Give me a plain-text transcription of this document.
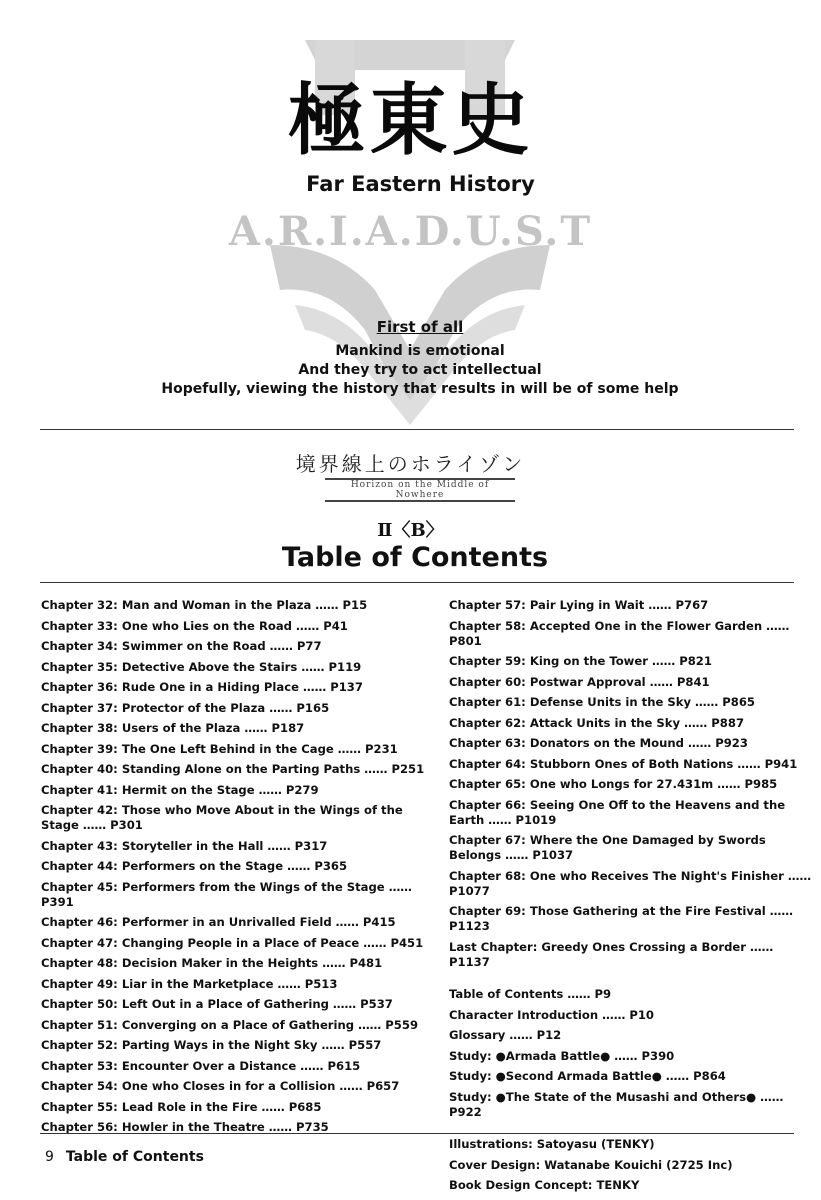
極東史
Far Eastern History
A.R.I.A.D.U.S.T
First of all
Mankind is emotional
And they try to act intellectual
Hopefully, viewing the history that results in will be of some help
境界線上のホライゾン
Horizon on the Middle of Nowhere
Ⅱ〈B〉
Table of Contents
Chapter 32: Man and Woman in the Plaza …… P15
Chapter 33: One who Lies on the Road …… P41
Chapter 34: Swimmer on the Road …… P77
Chapter 35: Detective Above the Stairs …… P119
Chapter 36: Rude One in a Hiding Place …… P137
Chapter 37: Protector of the Plaza …… P165
Chapter 38: Users of the Plaza …… P187
Chapter 39: The One Left Behind in the Cage …… P231
Chapter 40: Standing Alone on the Parting Paths …… P251
Chapter 41: Hermit on the Stage …… P279
Chapter 42: Those who Move About in the Wings of the Stage …… P301
Chapter 43: Storyteller in the Hall …… P317
Chapter 44: Performers on the Stage …… P365
Chapter 45: Performers from the Wings of the Stage …… P391
Chapter 46: Performer in an Unrivalled Field …… P415
Chapter 47: Changing People in a Place of Peace …… P451
Chapter 48: Decision Maker in the Heights …… P481
Chapter 49: Liar in the Marketplace …… P513
Chapter 50: Left Out in a Place of Gathering …… P537
Chapter 51: Converging on a Place of Gathering …… P559
Chapter 52: Parting Ways in the Night Sky …… P557
Chapter 53: Encounter Over a Distance …… P615
Chapter 54: One who Closes in for a Collision …… P657
Chapter 55: Lead Role in the Fire …… P685
Chapter 56: Howler in the Theatre …… P735
Chapter 57: Pair Lying in Wait …… P767
Chapter 58: Accepted One in the Flower Garden …… P801
Chapter 59: King on the Tower …… P821
Chapter 60: Postwar Approval …… P841
Chapter 61: Defense Units in the Sky …… P865
Chapter 62: Attack Units in the Sky …… P887
Chapter 63: Donators on the Mound …… P923
Chapter 64: Stubborn Ones of Both Nations …… P941
Chapter 65: One who Longs for 27.431m …… P985
Chapter 66: Seeing One Off to the Heavens and the Earth …… P1019
Chapter 67: Where the One Damaged by Swords Belongs …… P1037
Chapter 68: One who Receives The Night's Finisher …… P1077
Chapter 69: Those Gathering at the Fire Festival …… P1123
Last Chapter: Greedy Ones Crossing a Border …… P1137
Table of Contents …… P9
Character Introduction …… P10
Glossary …… P12
Study: ●Armada Battle● …… P390
Study: ●Second Armada Battle● …… P864
Study: ●The State of the Musashi and Others● …… P922
Illustrations: Satoyasu (TENKY)
Cover Design: Watanabe Kouichi (2725 Inc)
Book Design Concept: TENKY
9 Table of Contents
